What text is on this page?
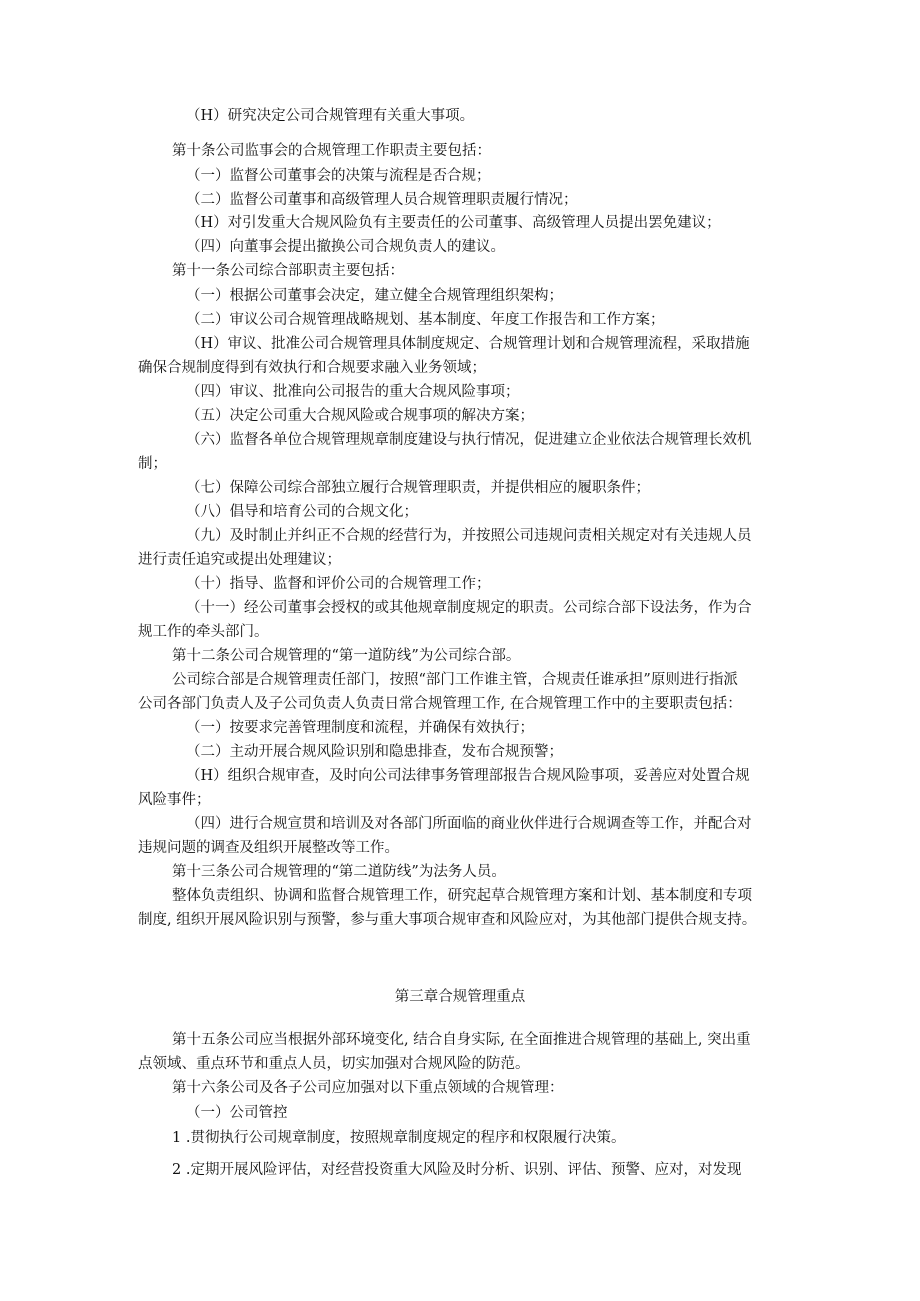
（H）研究决定公司合规管理有关重大事项。
第十条公司监事会的合规管理工作职责主要包括：
（一）监督公司董事会的决策与流程是否合规；
（二）监督公司董事和高级管理人员合规管理职责履行情况；
（H）对引发重大合规风险负有主要责任的公司董事、高级管理人员提出罢免建议；
（四）向董事会提出撤换公司合规负责人的建议。
第十一条公司综合部职责主要包括：
（一）根据公司董事会决定，建立健全合规管理组织架构；
（二）审议公司合规管理战略规划、基本制度、年度工作报告和工作方案；
（H）审议、批准公司合规管理具体制度规定、合规管理计划和合规管理流程，采取措施
确保合规制度得到有效执行和合规要求融入业务领域；
（四）审议、批准向公司报告的重大合规风险事项；
（五）决定公司重大合规风险或合规事项的解决方案；
（六）监督各单位合规管理规章制度建设与执行情况，促进建立企业依法合规管理长效机
制；
（七）保障公司综合部独立履行合规管理职责，并提供相应的履职条件；
（八）倡导和培育公司的合规文化；
（九）及时制止并纠正不合规的经营行为，并按照公司违规问责相关规定对有关违规人员
进行责任追究或提出处理建议；
（十）指导、监督和评价公司的合规管理工作；
（十一）经公司董事会授权的或其他规章制度规定的职责。公司综合部下设法务，作为合
规工作的牵头部门。
第十二条公司合规管理的“第一道防线”为公司综合部。
公司综合部是合规管理责任部门，按照“部门工作谁主管，合规责任谁承担”原则进行指派
公司各部门负责人及子公司负责人负责日常合规管理工作, 在合规管理工作中的主要职责包括：
（一）按要求完善管理制度和流程，并确保有效执行；
（二）主动开展合规风险识别和隐患排查，发布合规预警；
（H）组织合规审查，及时向公司法律事务管理部报告合规风险事项，妥善应对处置合规
风险事件；
（四）进行合规宣贯和培训及对各部门所面临的商业伙伴进行合规调查等工作，并配合对
违规问题的调查及组织开展整改等工作。
第十三条公司合规管理的“第二道防线”为法务人员。
整体负责组织、协调和监督合规管理工作，研究起草合规管理方案和计划、基本制度和专项
制度, 组织开展风险识别与预警，参与重大事项合规审查和风险应对，为其他部门提供合规支持。
第三章合规管理重点
第十五条公司应当根据外部环境变化, 结合自身实际, 在全面推进合规管理的基础上, 突出重
点领域、重点环节和重点人员，切实加强对合规风险的防范。
第十六条公司及各子公司应加强对以下重点领域的合规管理：
（一）公司管控
1 .贯彻执行公司规章制度，按照规章制度规定的程序和权限履行决策。
2 .定期开展风险评估，对经营投资重大风险及时分析、识别、评估、预警、应对，对发现
